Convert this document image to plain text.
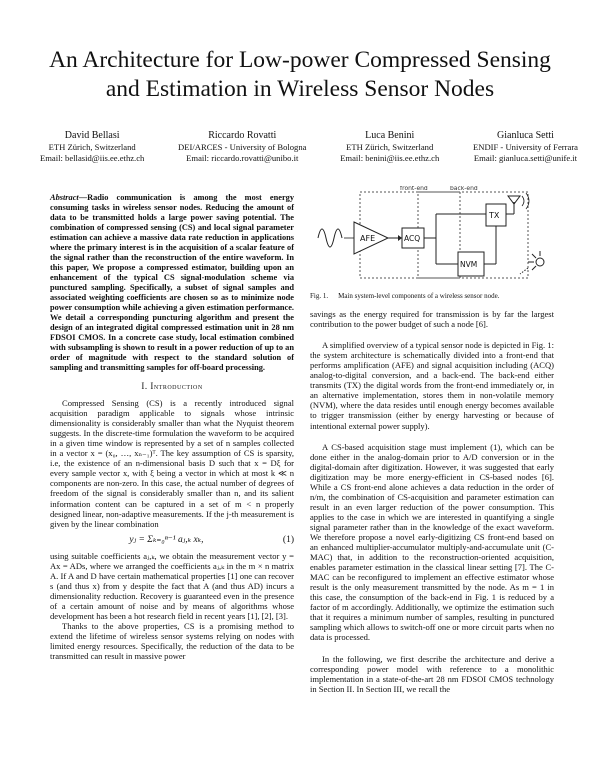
An Architecture for Low-power Compressed Sensing and Estimation in Wireless Sensor Nodes
David Bellasi
ETH Zürich, Switzerland
Email: bellasid@iis.ee.ethz.ch
Riccardo Rovatti
DEI/ARCES - University of Bologna
Email: riccardo.rovatti@unibo.it
Luca Benini
ETH Zürich, Switzerland
Email: benini@iis.ee.ethz.ch
Gianluca Setti
ENDIF - University of Ferrara
Email: gianluca.setti@unife.it

Abstract—Radio communication is among the most energy consuming tasks in wireless sensor nodes. Reducing the amount of data to be transmitted holds a large power saving potential. The combination of compressed sensing (CS) and local signal parameter estimation can achieve a massive data rate reduction in applications where the primary interest is in the acquisition of a scalar feature of the signal rather than the reconstruction of the entire waveform. In this paper, We propose a compressed estimator, building upon an enhancement of the typical CS signal-modulation scheme via punctured sampling. Specifically, a subset of signal samples and associated weighting coefficients are chosen so as to minimize node power consumption while achieving a given estimation performance. We detail a corresponding puncturing algorithm and present the design of an integrated digital compressed estimation unit in 28 nm FDSOI CMOS. In a concrete case study, local estimation combined with subsampling is shown to result in a power reduction of up to an order of magnitude with respect to the standard solution of sampling and transmitting samples for off-board processing.

I. Introduction

Compressed Sensing (CS) is a recently introduced signal acquisition paradigm applicable to signals whose intrinsic dimensionality is considerably smaller than what the Nyquist theorem suggests. In the discrete-time formulation the waveform to be acquired in a given time window is represented by a set of n samples collected in a vector x = (x₀, …, xₙ₋₁)ᵀ. The key assumption of CS is sparsity, i.e, the existence of an n-dimensional basis D such that x = Dξ for every sample vector x, with ξ being a vector in which at most k ≪ n components are non-zero. In this case, the actual number of degrees of freedom of the signal is considerably smaller than n, and its salient information content can be captured in a set of m < n properly designed linear, non-adaptive measurements. If the j-th measurement is given by the linear combination

yⱼ = Σₖ₌₀ⁿ⁻¹ aⱼ,ₖ xₖ,	(1)

using suitable coefficients aⱼ,ₖ, we obtain the measurement vector y = Ax = ADs, where we arranged the coefficients aⱼ,ₖ in the m × n matrix A. If A and D have certain mathematical properties [1] one can recover s (and thus x) from y despite the fact that A (and thus AD) incurs a dimensionality reduction. Recovery is guaranteed even in the presence of a certain amount of noise and by means of algorithms whose development has been a hot research field in recent years [1], [2], [3].

Thanks to the above properties, CS is a promising method to extend the lifetime of wireless sensor systems relying on nodes with limited energy resources. Specifically, the reduction of the data to be transmitted can result in massive power

front-end	back-end
AFE	ACQ
NVM
TX
Fig. 1. Main system-level components of a wireless sensor node.

savings as the energy required for transmission is by far the largest contribution to the power budget of such a node [6].

A simplified overview of a typical sensor node is depicted in Fig. 1: the system architecture is schematically divided into a front-end that performs amplification (AFE) and signal acquisition including (ACQ) analog-to-digital conversion, and a back-end. The back-end either transmits (TX) the digital words from the front-end immediately or, in an alternative implementation, stores them in non-volatile memory (NVM), where the data resides until enough energy becomes available to trigger transmission (either by energy harvesting or because of intentional external power supply).

A CS-based acquisition stage must implement (1), which can be done either in the analog-domain prior to A/D conversion or in the digital-domain after digitization. However, it was suggested that early digitization may be more energy-efficient in CS-based nodes [6]. While a CS front-end alone achieves a data reduction in the order of n/m, the combination of CS-acquisition and parameter estimation can result in an even larger reduction of the power consumption. This applies to the case in which we are interested in quantifying a single signal parameter rather than in the knowledge of the exact waveform. We therefore propose a novel early-digitizing CS front-end based on an enhanced multiplier-accumulator multiply-and-accumulate unit (C-MAC) that, in addition to the reconstruction-oriented acquisition, enables parameter estimation in the classical linear setting [7]. The C-MAC can be reconfigured to implement an effective estimator whose result is the only measurement transmitted by the node. As m = 1 in this case, the consumption of the back-end in Fig. 1 is reduced by a factor of m accordingly. Additionally, we optimize the estimation such that it requires a minimum number of samples, resulting in punctured sampling which allows to switch-off one or more circuit parts when no data is processed.

In the following, we first describe the architecture and derive a corresponding power model with reference to a monolithic implementation in a state-of-the-art 28 nm FDSOI CMOS technology in Section II. In Section III, we recall the
